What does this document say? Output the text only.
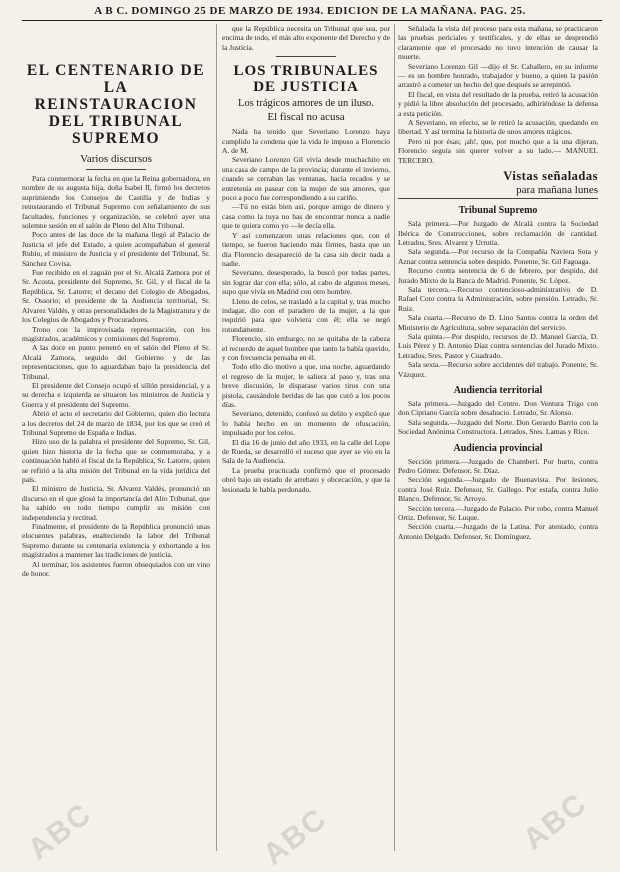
A B C. DOMINGO 25 DE MARZO DE 1934. EDICION DE LA MAÑANA. PAG. 25.
EL CENTENARIO DE LA REINSTAURACION DEL TRIBUNAL SUPREMO
Varios discursos

Para conmemorar la fecha en que la Reina gobernadora, en nombre de su augusta hija, doña Isabel II, firmó los decretos suprimiendo los Consejos de Castilla y de Indias y reinstaurando el Tribunal Supremo con señalamiento de sus facultades, funciones y organización, se celebró ayer una solemne sesión en el salón de Pleno del Alto Tribunal.

Poco antes de las doce de la mañana llegó al Palacio de Justicia el jefe del Estado, a quien acompañaban el general Rubio, el ministro de Justicia y el presidente del Tribunal, Sr. Sánchez Covisa.

Fue recibido en el zaguán por el Sr. Alcalá Zamora por el Sr. Acosta, presidente del Supremo, Sr. Gil, y el fiscal de la República, Sr. Latorre; el decano del Colegio de Abogados, Sr. Ossorio; el presidente de la Audiencia territorial, Sr. Alvarez Valdés, y otras personalidades de la Magistratura y de los Colegios de Abogados y Procuradores.

Trono con la improvisada representación, con los magistrados, académicos y comisiones del Supremo.

A las doce en punto penetró en el salón del Pleno el Sr. Alcalá Zamora, seguido del Gobierno y de las representaciones, que lo aguardaban bajo la presidencia del Tribunal.

El presidente del Consejo ocupó el sillón presidencial, y a su derecha e izquierda se situaron los ministros de Justicia y Guerra y el presidente del Supremo.

Abrió el acto el secretario del Gobierno, quien dio lectura a los decretos del 24 de marzo de 1834, por los que se creó el Tribunal Supremo de España e Indias.

Hizo uso de la palabra el presidente del Supremo, Sr. Gil, quien hizo historia de la fecha que se conmemoraba, y a continuación habló el fiscal de la República, Sr. Latorre, quien se refirió a la alta misión del Tribunal en la vida jurídica del país.

El ministro de Justicia, Sr. Alvarez Valdés, pronunció un discurso en el que glosó la importancia del Alto Tribunal, que ha sabido en todo tiempo cumplir su misión con independencia y rectitud.

Finalmente, el presidente de la República pronunció unas elocuentes palabras, enalteciendo la labor del Tribunal Supremo durante su centenaria existencia y exhortando a los magistrados a mantener las tradiciones de justicia.

Al terminar, los asistentes fueron obsequiados con un vino de honor.

que la República necesita un Tribunal que sea, por encima de todo, el más alto exponente del Derecho y de la Justicia.

LOS TRIBUNALES DE JUSTICIA
Los trágicos amores de un iluso.
El fiscal no acusa

Nada ha tenido que Severiano Lorenzo haya cumplido la condena que la vida le impuso a Florencio A. de M.

Severiano Lorenzo Gil vivía desde muchachito en una casa de campo de la provincia; durante el invierno, cuando se cerraban las ventanas, hacía recados y se entretenía en pasear con la mujer de sus amores, que poco a poco fue correspondiendo a su cariño.

—Tú no estás bien así, porque amigo de dinero y casa como la tuya no has de encontrar nunca a nadie que te quiera como yo —le decía ella.

Y así comenzaron unas relaciones que, con el tiempo, se fueron haciendo más firmes, hasta que un día Florencio desapareció de la casa sin decir nada a nadie.

Severiano, desesperado, la buscó por todas partes, sin lograr dar con ella; sólo, al cabo de algunos meses, supo que vivía en Madrid con otro hombre.

Lleno de celos, se trasladó a la capital y, tras mucho indagar, dio con el paradero de la mujer, a la que requirió para que volviera con él; ella se negó rotundamente.

Florencio, sin embargo, no se quitaba de la cabeza el recuerdo de aquel hombre que tanto la había querido, y con frecuencia pensaba en él.

Todo ello dio motivo a que, una noche, aguardando el regreso de la mujer, le saliera al paso y, tras una breve discusión, le disparase varios tiros con una pistola, causándole heridas de las que curó a los pocos días.

Severiano, detenido, confesó su delito y explicó que lo había hecho en un momento de ofuscación, impulsado por los celos.

El día 16 de junio del año 1933, en la calle del Lope de Rueda, se desarrolló el suceso que ayer se vio en la Sala de la Audiencia.

La prueba practicada confirmó que el procesado obró bajo un estado de arrebato y obcecación, y que la lesionada le había perdonado.

Señalada la vista del proceso para esta mañana, se practicaron las pruebas periciales y testificales, y de ellas se desprendió claramente que el procesado no tuvo intención de causar la muerte.

Severiano Lorenzo Gil —dijo el Sr. Caballero, en su informe— es un hombre honrado, trabajador y bueno, a quien la pasión arrastró a cometer un hecho del que después se arrepintió.

El fiscal, en vista del resultado de la prueba, retiró la acusación y pidió la libre absolución del procesado, adhiriéndose la defensa a esta petición.

A Severiano, en efecto, se le retiró la acusación, quedando en libertad. Y así termina la historia de unos amores trágicos.

Pero ni por ésas; ¡ah!, que, por mucho que a la una dijeran, Florencio seguía sin querer volver a su lado.— MANUEL TERCERO.

Vistas señaladas
para mañana lunes
Tribunal Supremo

Sala primera.—Por Juzgado de Alcalá contra la Sociedad Ibérica de Construcciones, sobre reclamación de cantidad. Letrados, Sres. Alvarez y Urrutia.

Sala segunda.—Por recurso de la Compañía Naviera Sota y Aznar contra sentencia sobre despido. Ponente, Sr. Gil Fagoaga.

Recurso contra sentencia de 6 de febrero, por despido, del Jurado Mixto de la Banca de Madrid. Ponente, Sr. López.

Sala tercera.—Recurso contencioso-administrativo de D. Rafael Coto contra la Administración, sobre pensión. Letrado, Sr. Ruiz.

Sala cuarta.—Recurso de D. Lino Santos contra la orden del Ministerio de Agricultura, sobre separación del servicio.

Sala quinta.—Por despido, recursos de D. Manuel García, D. Luis Pérez y D. Antonio Díaz contra sentencias del Jurado Mixto. Letrados, Sres. Pastor y Cuadrado.

Sala sexta.—Recurso sobre accidentes del trabajo. Ponente, Sr. Vázquez.

Audiencia territorial

Sala primera.—Juzgado del Centro. Don Ventura Trigo con don Cipriano García sobre desahucio. Letrado, Sr. Alonso.

Sala segunda.—Juzgado del Norte. Don Gerardo Barrio con la Sociedad Anónima Constructora. Letrados, Sres. Lamas y Rico.

Audiencia provincial

Sección primera.—Juzgado de Chamberí. Por hurto, contra Pedro Gómez. Defensor, Sr. Díaz.

Sección segunda.—Juzgado de Buenavista. Por lesiones, contra José Ruiz. Defensor, Sr. Gallego. Por estafa, contra Julio Blanco. Defensor, Sr. Arroyo.

Sección tercera.—Juzgado de Palacio. Por robo, contra Manuel Ortiz. Defensor, Sr. Luque.

Sección cuarta.—Juzgado de la Latina. Por atentado, contra Antonio Delgado. Defensor, Sr. Domínguez.

ABC	ABC	ABC
